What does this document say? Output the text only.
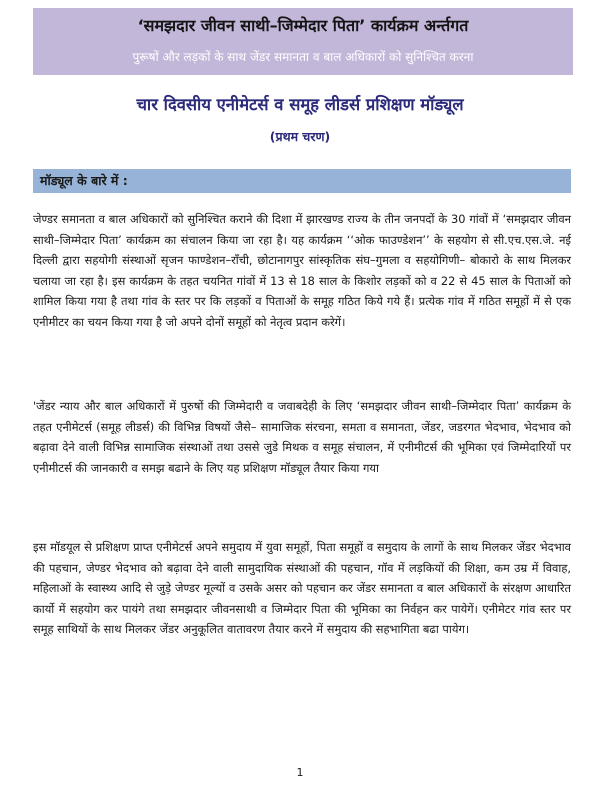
‘समझदार जीवन साथी–जिम्मेदार पिता’ कार्यक्रम अर्न्तगत
पुरूषों और लड़कों के साथ जेंडर समानता व बाल अधिकारों को सुनिश्चित करना
चार दिवसीय एनीमेटर्स व समूह लीडर्स प्रशिक्षण मॉड्यूल
(प्रथम चरण)
मॉड्यूल के बारे में :

जेण्डर समानता व बाल अधिकारों को सुनिश्चित कराने की दिशा में झारखण्ड राज्य के तीन जनपदों के 30 गांवों में ‘समझदार जीवन साथी–जिम्मेदार पिता’ कार्यक्रम का संचालन किया जा रहा है। यह कार्यक्रम ‘‘ओक फाउण्डेशन’’ के सहयोग से सी.एच.एस.जे. नई दिल्ली द्वारा सहयोगी संस्थाओं सृजन फाण्डेशन–रॉंची, छोटानागपुर सांस्कृतिक संघ–गुमला व सहयोगिणी– बोकारो के साथ मिलकर चलाया जा रहा है। इस कार्यक्रम के तहत चयनित गांवों में 13 से 18 साल के किशोर लड़कों को व 22 से 45 साल के पिताओं को शामिल किया गया है तथा गांव के स्तर पर कि लड़कों व पिताओं के समूह गठित किये गये हैं। प्रत्येक गांव में गठित समूहों में से एक एनीमीटर का चयन किया गया है जो अपने दोनों समूहों को नेतृत्व प्रदान करेगें।

'जेंडर न्याय और बाल अधिकारों में पुरुषों की जिम्मेदारी व जवाबदेही के लिए ‘समझदार जीवन साथी–जिम्मेदार पिता’ कार्यक्रम के तहत एनीमेटर्स (समूह लीडर्स) की विभिन्न विषयों जैसे– सामाजिक संरचना, समता व समानता, जेंडर, जडरगत भेदभाव, भेदभाव को बढ़ावा देने वाली विभिन्न सामाजिक संस्थाओं तथा उससे जुडे मिथक व समूह संचालन, में एनीमीटर्स की भूमिका एवं जिम्मेदारियों पर एनीमीटर्स की जानकारी व समझ बढाने के लिए यह प्रशिक्षण मॉड्यूल तैयार किया गया

इस मॉडयूल से प्रशिक्षण प्राप्त एनीमेटर्स अपने समुदाय में युवा समूहों, पिता समूहों व समुदाय के लागों के साथ मिलकर जेंडर भेदभाव की पहचान, जेण्डर भेदभाव को बढ़ावा देने वाली सामुदायिक संस्थाओं की पहचान, गॉव में लड़कियों की शिक्षा, कम उम्र में विवाह, महिलाओं के स्वास्थ्य आदि से जुड़े जेण्डर मूल्यों व उसके असर को पहचान कर जेंडर समानता व बाल अधिकारों के संरक्षण आधारित कार्यो में सहयोग कर पायंगे तथा समझदार जीवनसाथी व जिम्मेदार पिता की भूमिका का निर्वहन कर पायेगें। एनीमेटर गांव स्तर पर समूह साथियों के साथ मिलकर जेंडर अनुकूलित वातावरण तैयार करने में समुदाय की सहभागिता बढा पायेग।

1
